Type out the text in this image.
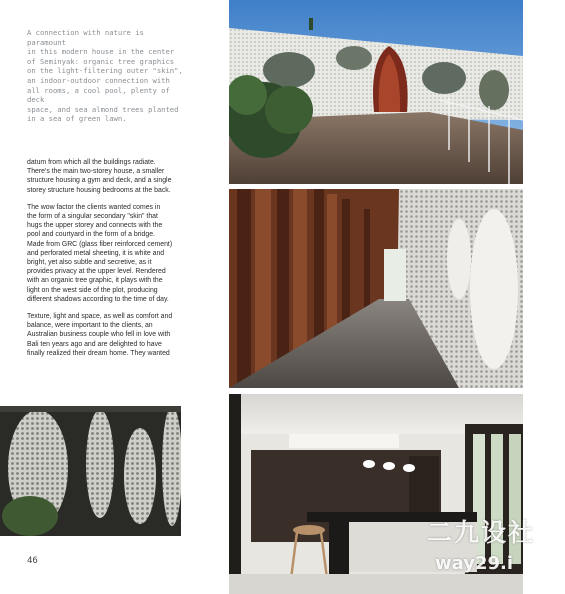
A connection with nature is paramount
in this modern house in the center
of Seminyak: organic tree graphics
on the light-filtering outer "skin",
an indoor-outdoor connection with
all rooms, a cool pool, plenty of deck
space, and sea almond trees planted
in a sea of green lawn.

datum from which all the buildings radiate.
There's the main two-storey house, a smaller
structure housing a gym and deck, and a single
storey structure housing bedrooms at the back.

The wow factor the clients wanted comes in
the form of a singular secondary "skin" that
hugs the upper storey and connects with the
pool and courtyard in the form of a bridge.
Made from GRC (glass fiber reinforced cement)
and perforated metal sheeting, it is white and
bright, yet also subtle and secretive, as it
provides privacy at the upper level. Rendered
with an organic tree graphic, it plays with the
light on the west side of the plot, producing
different shadows according to the time of day.

Texture, light and space, as well as comfort and
balance, were important to the clients, an
Australian business couple who fell in love with
Bali ten years ago and are delighted to have
finally realized their dream home. They wanted

46
二九设社
way29.i
